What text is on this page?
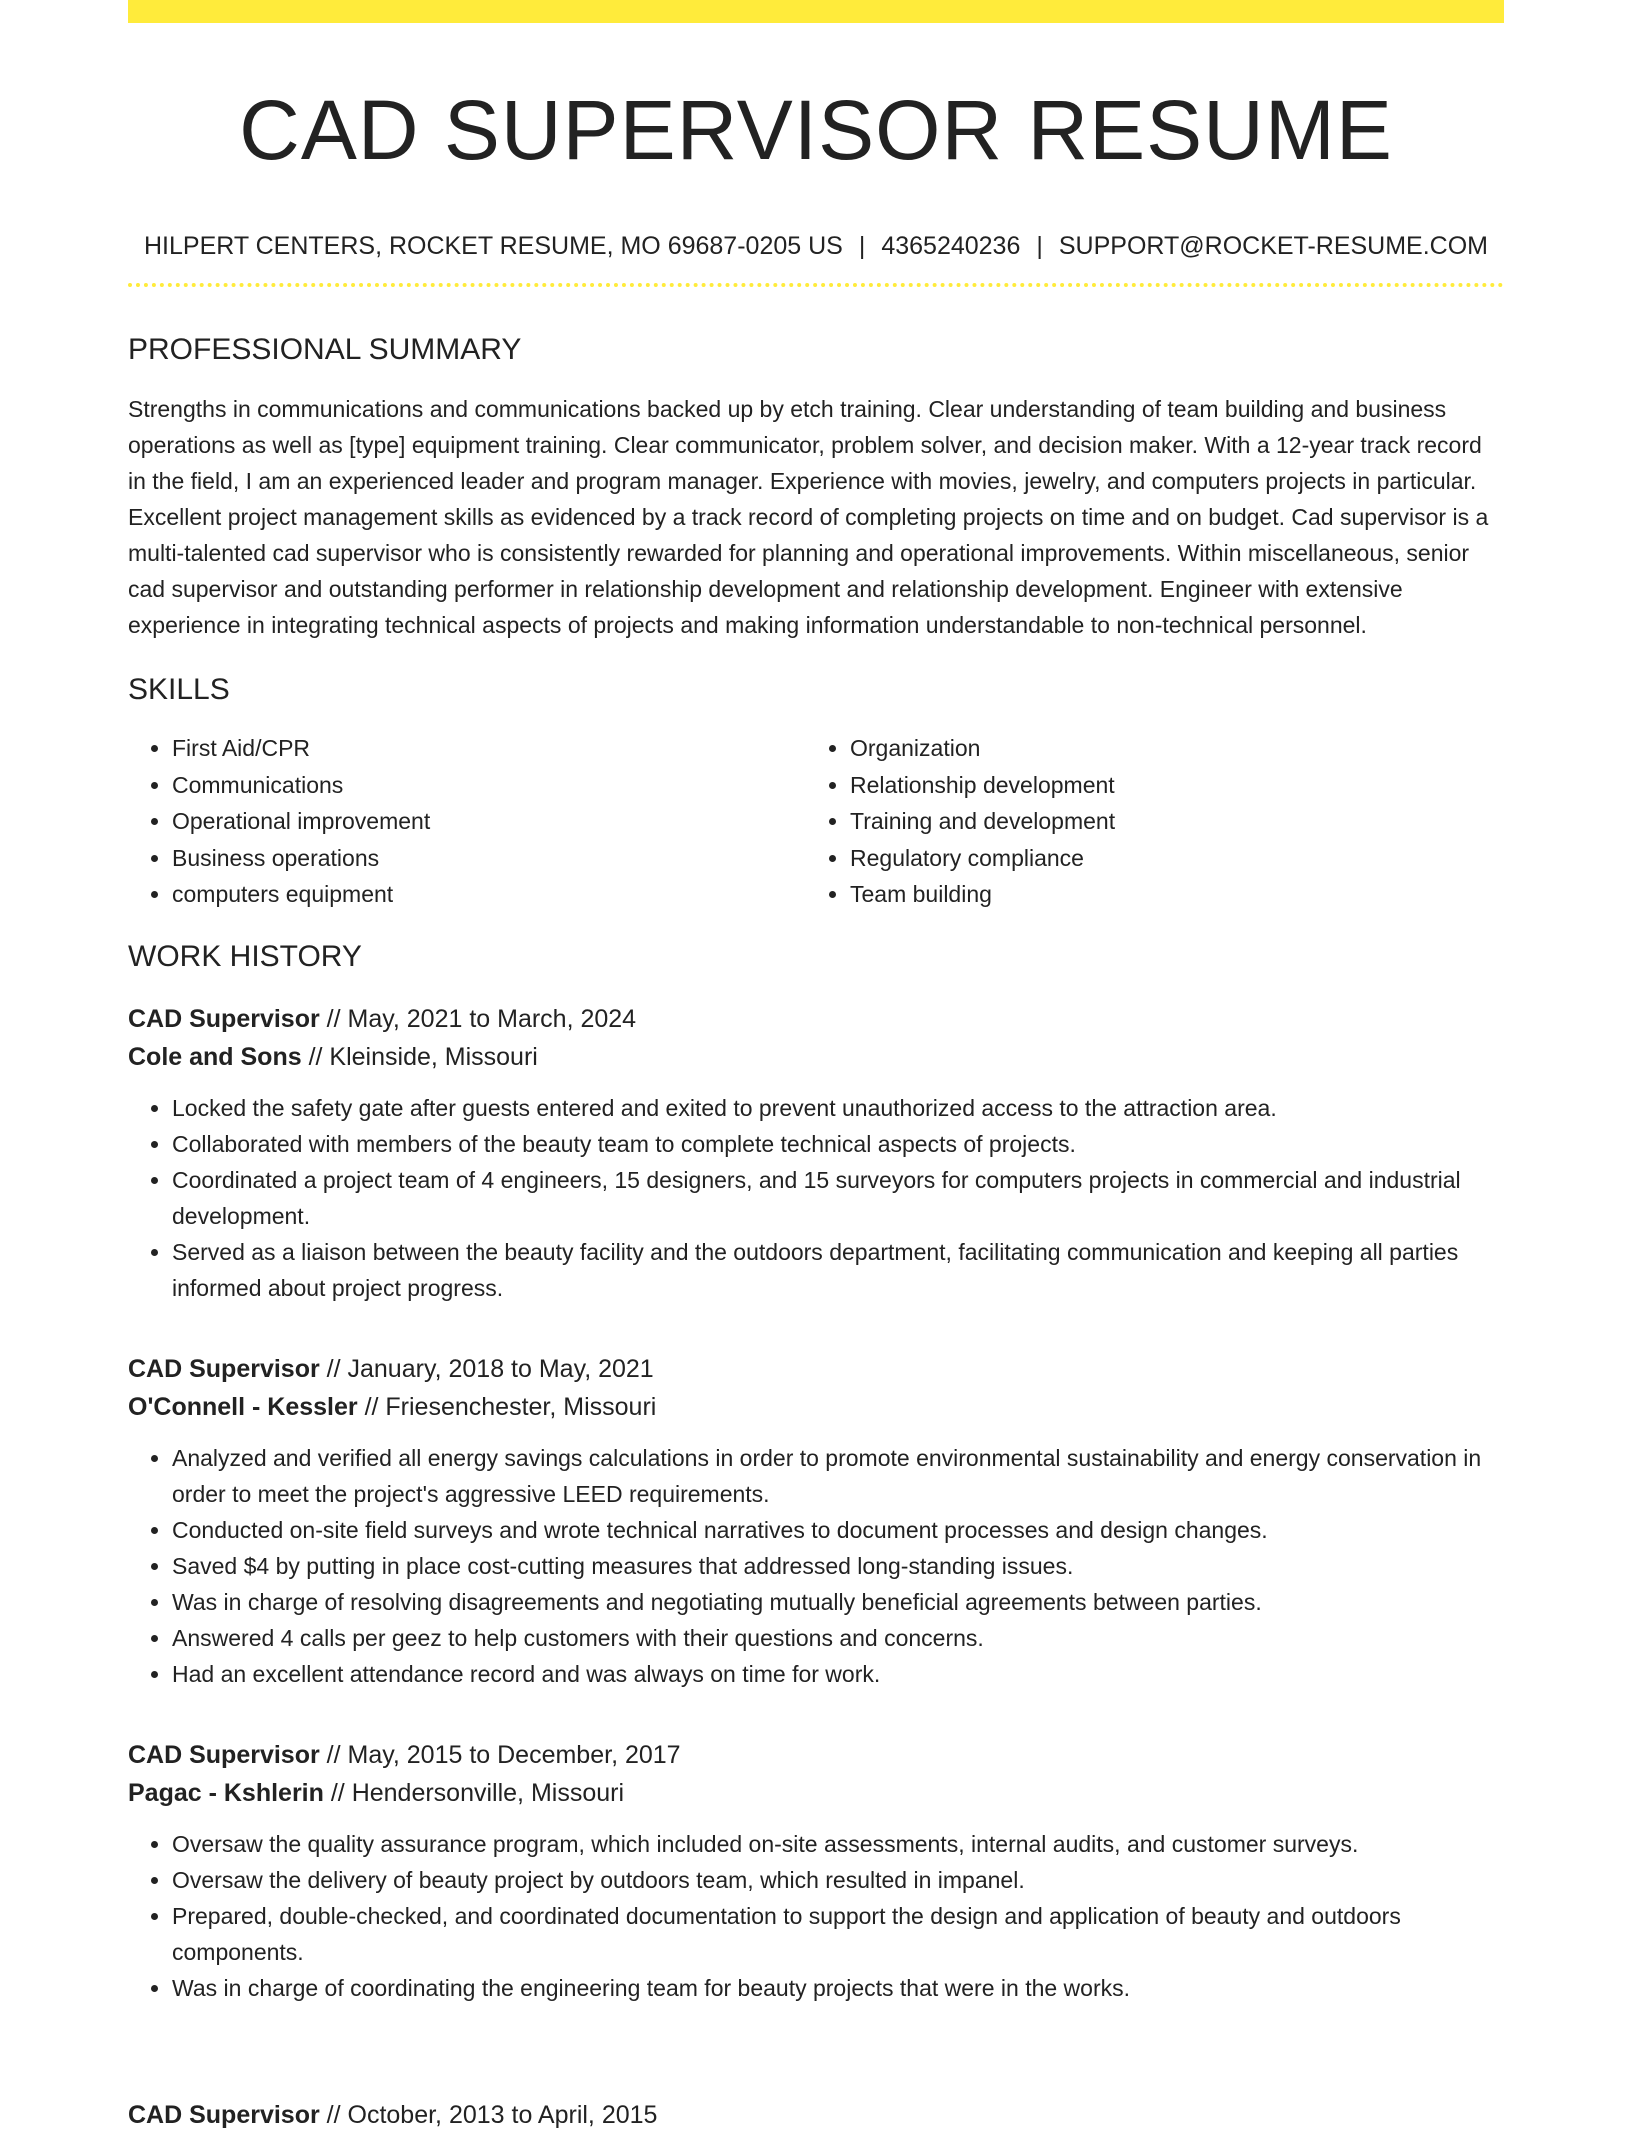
CAD SUPERVISOR RESUME
HILPERT CENTERS, ROCKET RESUME, MO 69687-0205 US | 4365240236 | SUPPORT@ROCKET-RESUME.COM
PROFESSIONAL SUMMARY

Strengths in communications and communications backed up by etch training. Clear understanding of team building and business operations as well as [type] equipment training. Clear communicator, problem solver, and decision maker. With a 12-year track record in the field, I am an experienced leader and program manager. Experience with movies, jewelry, and computers projects in particular. Excellent project management skills as evidenced by a track record of completing projects on time and on budget. Cad supervisor is a multi-talented cad supervisor who is consistently rewarded for planning and operational improvements. Within miscellaneous, senior cad supervisor and outstanding performer in relationship development and relationship development. Engineer with extensive experience in integrating technical aspects of projects and making information understandable to non-technical personnel.

SKILLS
• First Aid/CPR
• Communications
• Operational improvement
• Business operations
• computers equipment
• Organization
• Relationship development
• Training and development
• Regulatory compliance
• Team building
WORK HISTORY
CAD Supervisor // May, 2021 to March, 2024
Cole and Sons // Kleinside, Missouri
• Locked the safety gate after guests entered and exited to prevent unauthorized access to the attraction area.
• Collaborated with members of the beauty team to complete technical aspects of projects.
• Coordinated a project team of 4 engineers, 15 designers, and 15 surveyors for computers projects in commercial and industrial development.
• Served as a liaison between the beauty facility and the outdoors department, facilitating communication and keeping all parties informed about project progress.
CAD Supervisor // January, 2018 to May, 2021
O'Connell - Kessler // Friesenchester, Missouri
• Analyzed and verified all energy savings calculations in order to promote environmental sustainability and energy conservation in order to meet the project's aggressive LEED requirements.
• Conducted on-site field surveys and wrote technical narratives to document processes and design changes.
• Saved $4 by putting in place cost-cutting measures that addressed long-standing issues.
• Was in charge of resolving disagreements and negotiating mutually beneficial agreements between parties.
• Answered 4 calls per geez to help customers with their questions and concerns.
• Had an excellent attendance record and was always on time for work.
CAD Supervisor // May, 2015 to December, 2017
Pagac - Kshlerin // Hendersonville, Missouri
• Oversaw the quality assurance program, which included on-site assessments, internal audits, and customer surveys.
• Oversaw the delivery of beauty project by outdoors team, which resulted in impanel.
• Prepared, double-checked, and coordinated documentation to support the design and application of beauty and outdoors components.
• Was in charge of coordinating the engineering team for beauty projects that were in the works.
CAD Supervisor // October, 2013 to April, 2015
